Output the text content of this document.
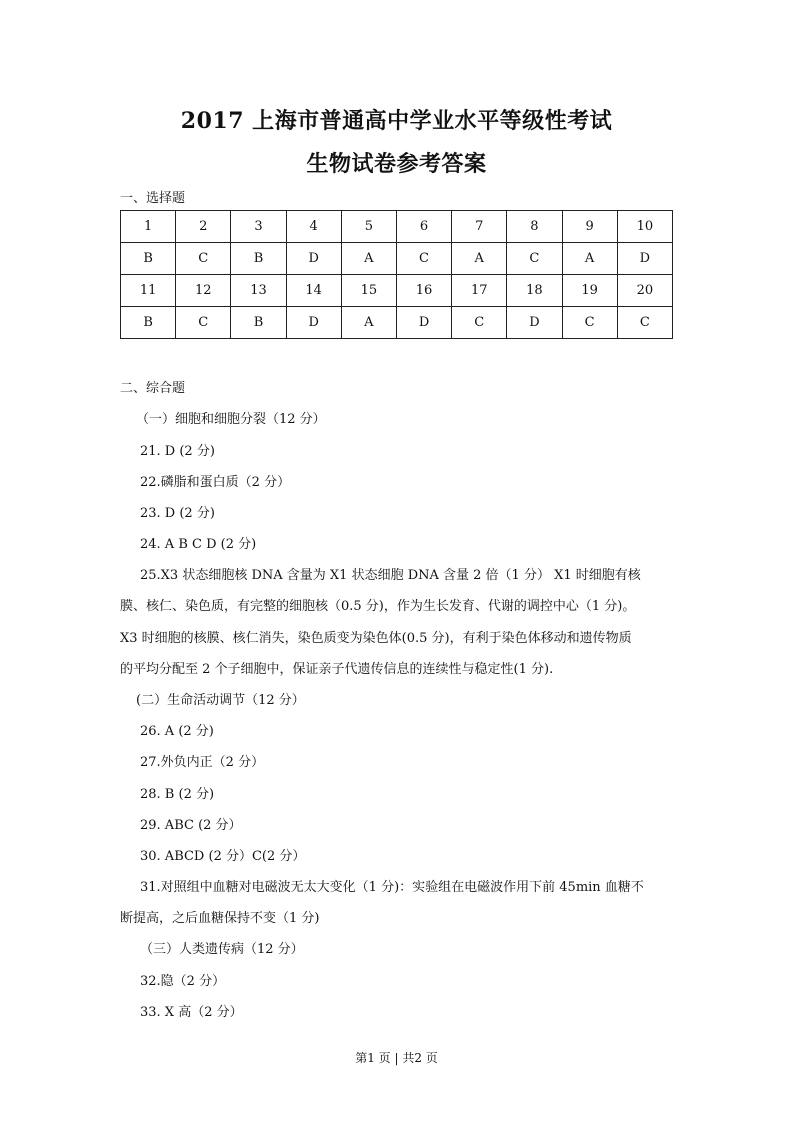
2017 上海市普通高中学业水平等级性考试
生物试卷参考答案
一、选择题
1	2	3	4	5	6	7	8	9	10
B	C	B	D	A	C	A	C	A	D
11	12	13	14	15	16	17	18	19	20
B	C	B	D	A	D	C	D	C	C
二、综合题
（一）细胞和细胞分裂（12 分）
21. D (2 分)
22.磷脂和蛋白质（2 分）
23. D (2 分)
24. A B C D (2 分)
25.X3 状态细胞核 DNA 含量为 X1 状态细胞 DNA 含量 2 倍（1 分） X1 时细胞有核
膜、核仁、染色质，有完整的细胞核（0.5 分)，作为生长发育、代谢的调控中心（1 分)。
X3 时细胞的核膜、核仁消失，染色质变为染色体(0.5 分)，有利于染色体移动和遗传物质
的平均分配至 2 个子细胞中，保证亲子代遗传信息的连续性与稳定性(1 分).
(二）生命活动调节（12 分）
26. A (2 分)
27.外负内正（2 分）
28. B (2 分)
29. ABC (2 分）
30. ABCD (2 分）C(2 分）
31.对照组中血糖对电磁波无太大变化（1 分)：实验组在电磁波作用下前 45min 血糖不
断提高，之后血糖保持不变（1 分)
（三）人类遗传病（12 分）
32.隐（2 分）
33. X 高（2 分）
第1 页 | 共2 页
